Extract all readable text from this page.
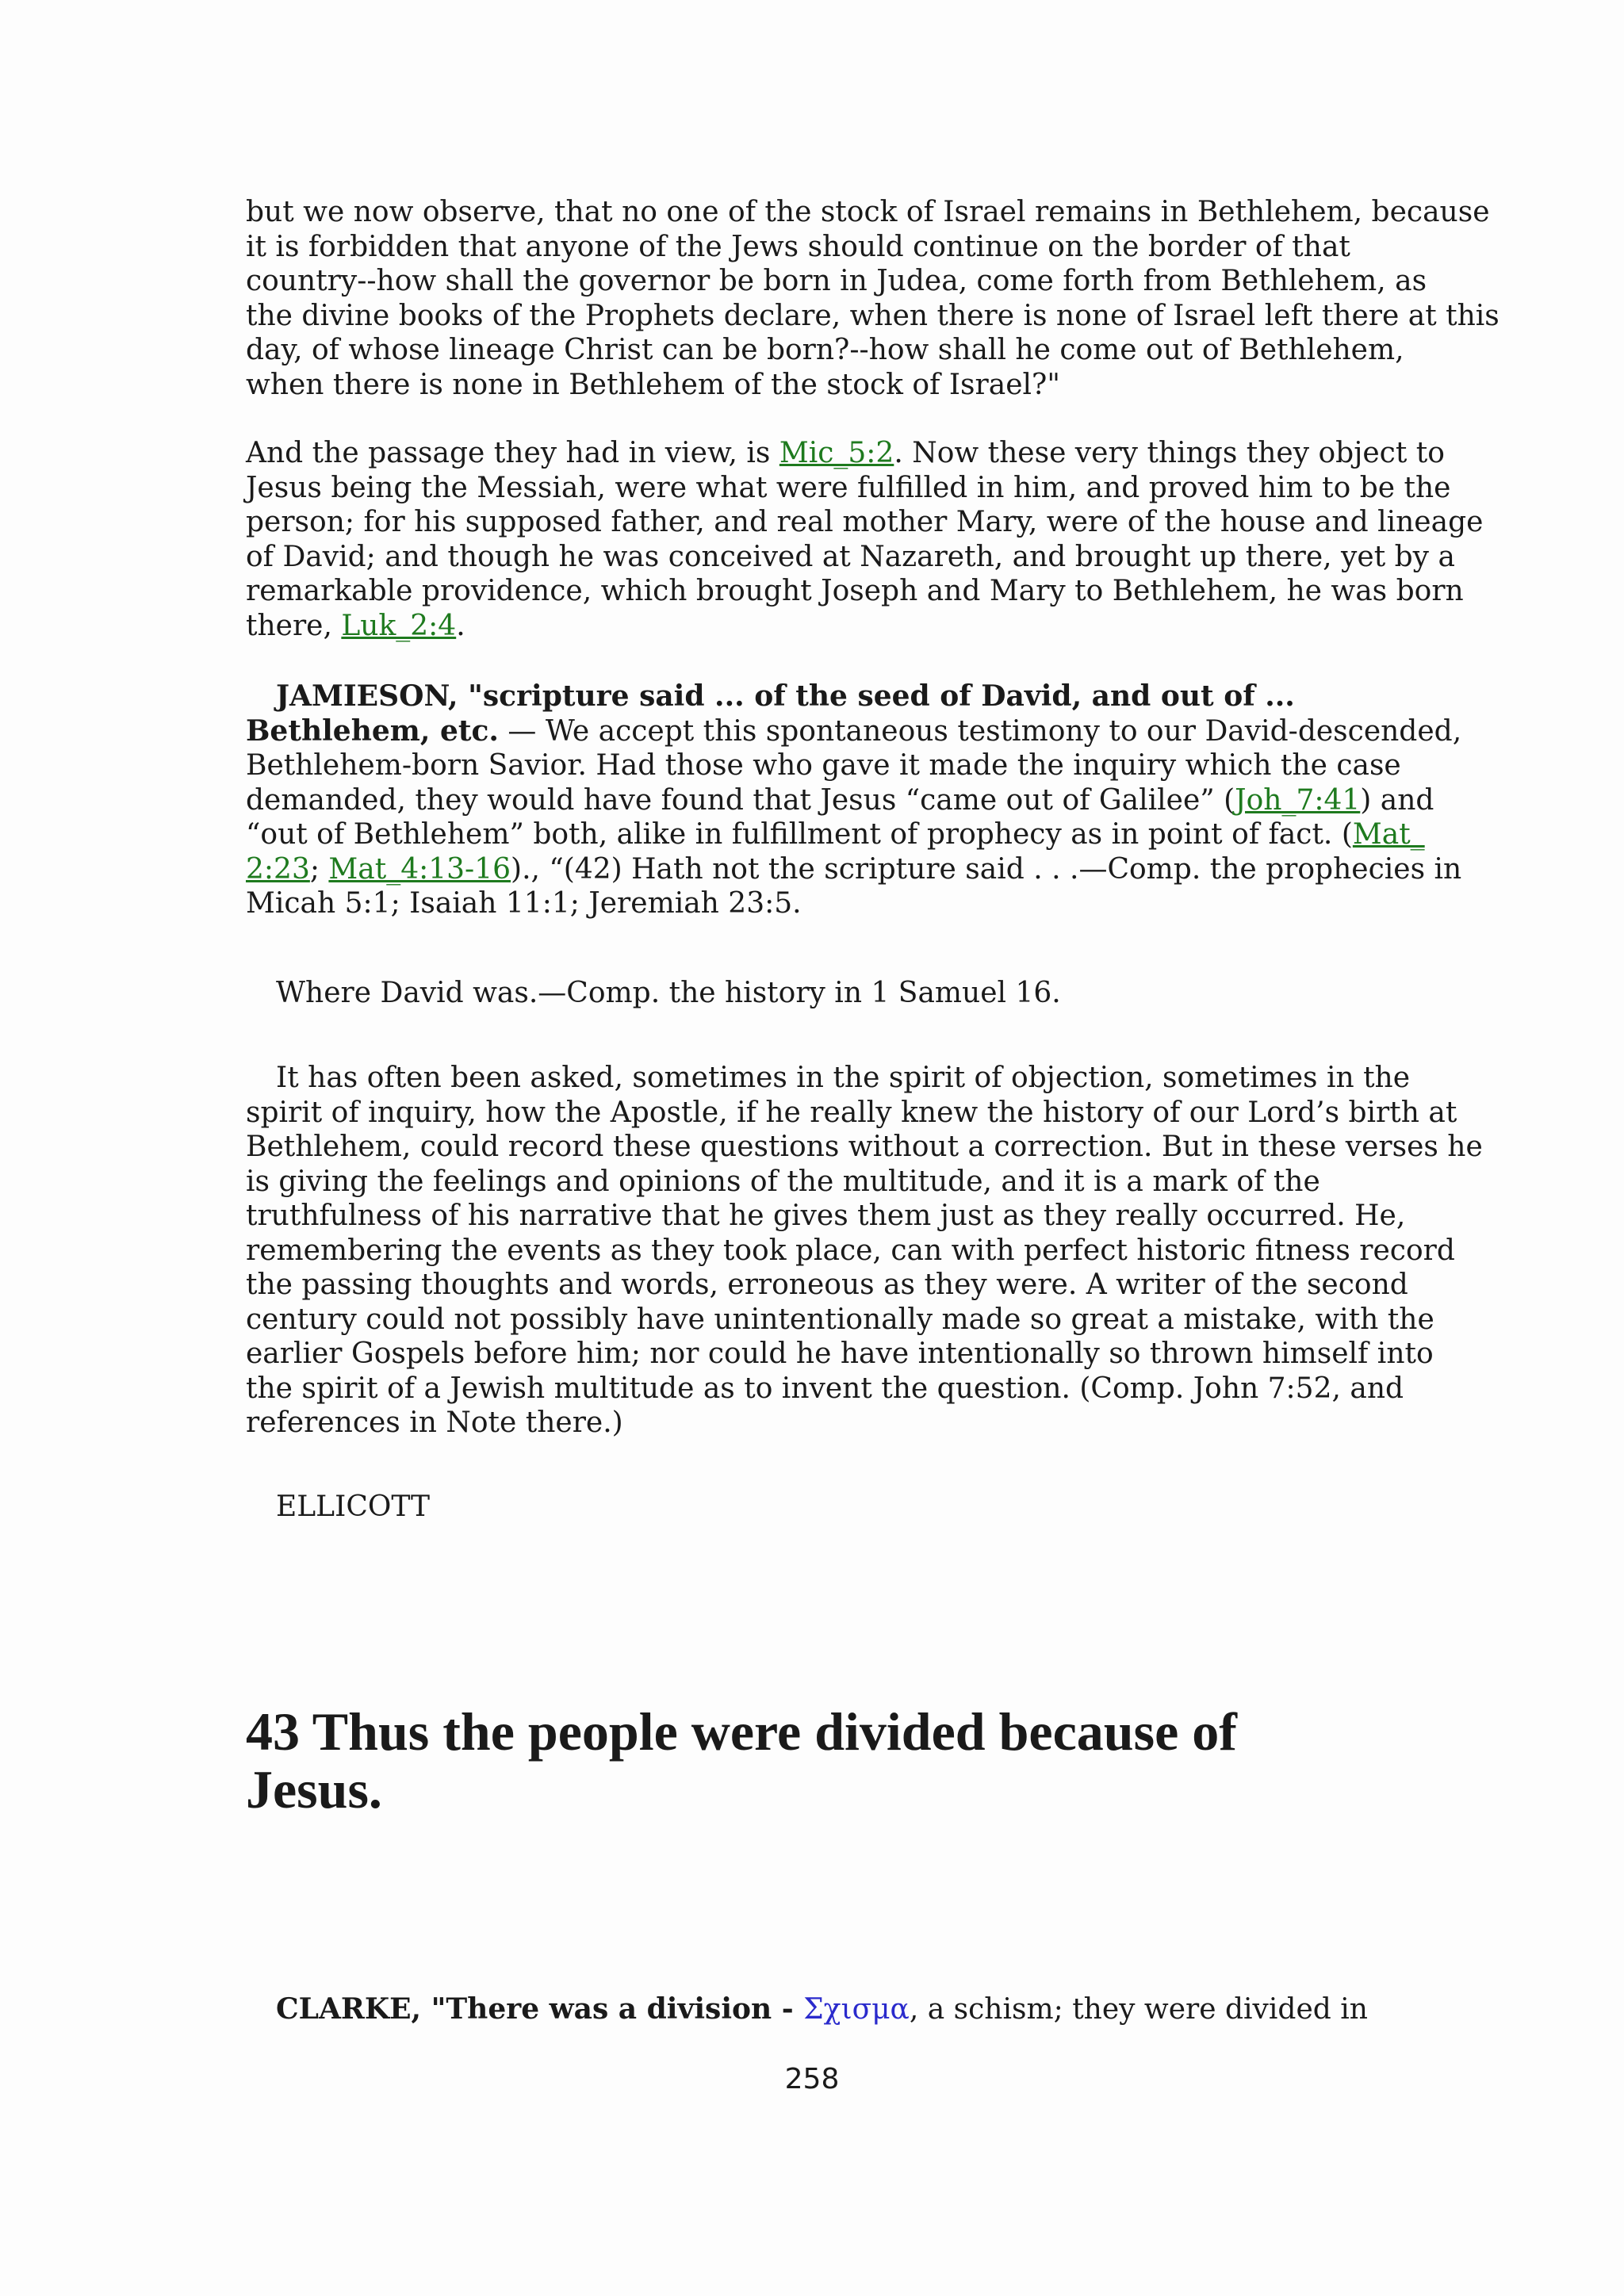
but we now observe, that no one of the stock of Israel remains in Bethlehem, because
it is forbidden that anyone of the Jews should continue on the border of that
country--how shall the governor be born in Judea, come forth from Bethlehem, as
the divine books of the Prophets declare, when there is none of Israel left there at this
day, of whose lineage Christ can be born?--how shall he come out of Bethlehem,
when there is none in Bethlehem of the stock of Israel?"
And the passage they had in view, is Mic_5:2. Now these very things they object to
Jesus being the Messiah, were what were fulfilled in him, and proved him to be the
person; for his supposed father, and real mother Mary, were of the house and lineage
of David; and though he was conceived at Nazareth, and brought up there, yet by a
remarkable providence, which brought Joseph and Mary to Bethlehem, he was born
there, Luk_2:4.
JAMIESON, "scripture said ... of the seed of David, and out of ...
Bethlehem, etc. — We accept this spontaneous testimony to our David-descended,
Bethlehem-born Savior. Had those who gave it made the inquiry which the case
demanded, they would have found that Jesus “came out of Galilee” (Joh_7:41) and
“out of Bethlehem” both, alike in fulfillment of prophecy as in point of fact. (Mat_
2:23; Mat_4:13-16)., “(42) Hath not the scripture said . . .—Comp. the prophecies in
Micah 5:1; Isaiah 11:1; Jeremiah 23:5.
Where David was.—Comp. the history in 1 Samuel 16.
It has often been asked, sometimes in the spirit of objection, sometimes in the
spirit of inquiry, how the Apostle, if he really knew the history of our Lord’s birth at
Bethlehem, could record these questions without a correction. But in these verses he
is giving the feelings and opinions of the multitude, and it is a mark of the
truthfulness of his narrative that he gives them just as they really occurred. He,
remembering the events as they took place, can with perfect historic fitness record
the passing thoughts and words, erroneous as they were. A writer of the second
century could not possibly have unintentionally made so great a mistake, with the
earlier Gospels before him; nor could he have intentionally so thrown himself into
the spirit of a Jewish multitude as to invent the question. (Comp. John 7:52, and
references in Note there.)
ELLICOTT
43 Thus the people were divided because of
Jesus.
CLARKE, "There was a division - Σχισμα, a schism; they were divided in
258
